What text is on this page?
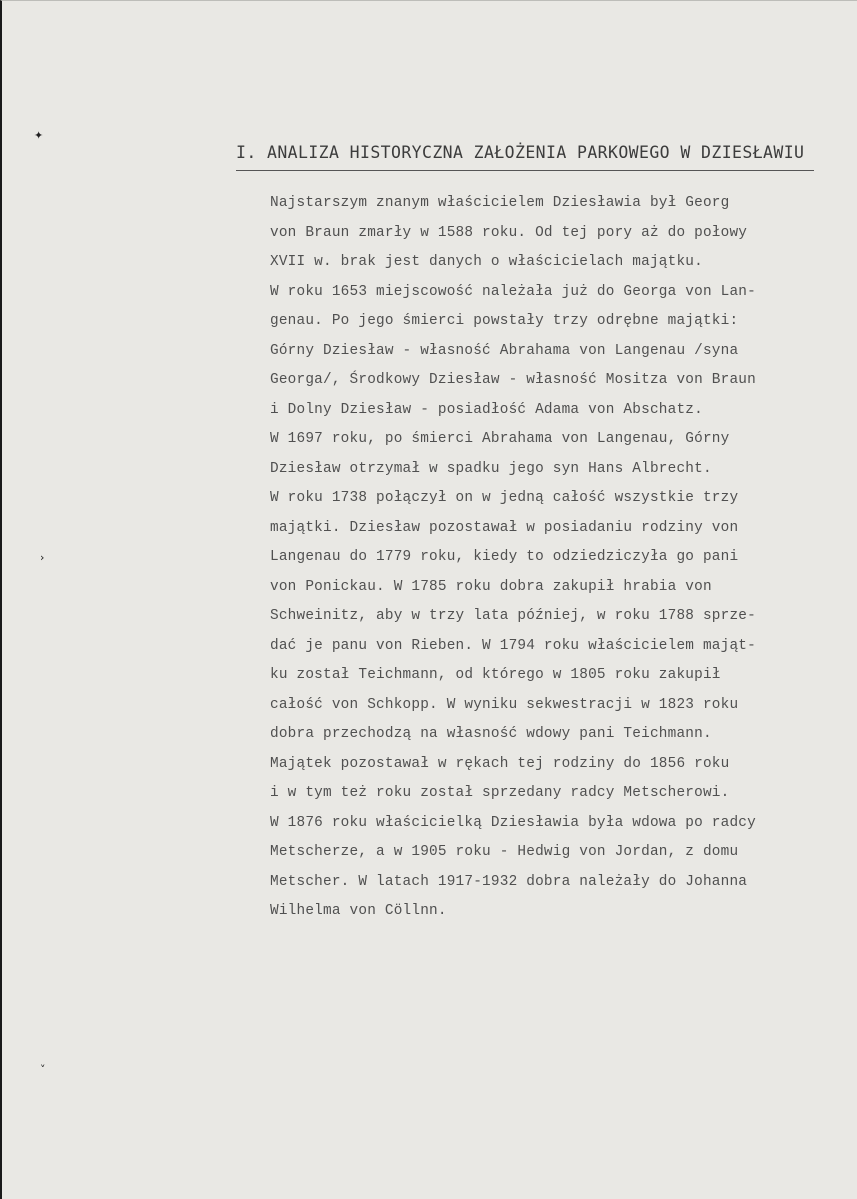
✦
›
˅
I. ANALIZA HISTORYCZNA ZAŁOŻENIA PARKOWEGO W DZIESŁAWIU
Najstarszym znanym właścicielem Dziesławia był Georg
von Braun zmarły w 1588 roku. Od tej pory aż do połowy
XVII w. brak jest danych o właścicielach majątku.
W roku 1653 miejscowość należała już do Georga von Lan-
genau. Po jego śmierci powstały trzy odrębne majątki:
Górny Dziesław - własność Abrahama von Langenau /syna
Georga/, Środkowy Dziesław - własność Mositza von Braun
i Dolny Dziesław - posiadłość Adama von Abschatz.
W 1697 roku, po śmierci Abrahama von Langenau, Górny
Dziesław otrzymał w spadku jego syn Hans Albrecht.
W roku 1738 połączył on w jedną całość wszystkie trzy
majątki. Dziesław pozostawał w posiadaniu rodziny von
Langenau do 1779 roku, kiedy to odziedziczyła go pani
von Ponickau. W 1785 roku dobra zakupił hrabia von
Schweinitz, aby w trzy lata później, w roku 1788 sprze-
dać je panu von Rieben. W 1794 roku właścicielem mająt-
ku został Teichmann, od którego w 1805 roku zakupił
całość von Schkopp. W wyniku sekwestracji w 1823 roku
dobra przechodzą na własność wdowy pani Teichmann.
Majątek pozostawał w rękach tej rodziny do 1856 roku
i w tym też roku został sprzedany radcy Metscherowi.
W 1876 roku właścicielką Dziesławia była wdowa po radcy
Metscherze, a w 1905 roku - Hedwig von Jordan, z domu
Metscher. W latach 1917-1932 dobra należały do Johanna
Wilhelma von Cöllnn.
